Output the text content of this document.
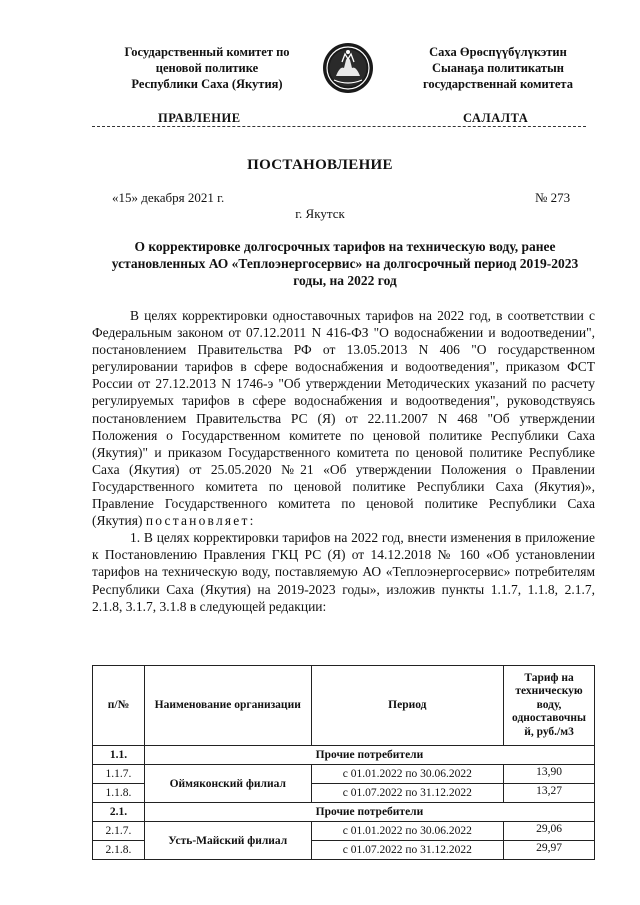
Государственный комитет по
ценовой политике
Республики Саха (Якутия)
Саха Өрөспүүбүлүкэтин
Сыанаҕа политикатын
государственнай комитета
ПРАВЛЕНИЕ	САЛАЛТА
ПОСТАНОВЛЕНИЕ
«15» декабря 2021 г.	№ 273
г. Якутск
О корректировке долгосрочных тарифов на техническую воду, ранее установленных АО «Теплоэнергосервис» на долгосрочный период 2019-2023 годы, на 2022 год

В целях корректировки одноставочных тарифов на 2022 год, в соответствии с Федеральным законом от 07.12.2011 N 416-ФЗ "О водоснабжении и водоотведении", постановлением Правительства РФ от 13.05.2013 N 406 "О государственном регулировании тарифов в сфере водоснабжения и водоотведения", приказом ФСТ России от 27.12.2013 N 1746-э "Об утверждении Методических указаний по расчету регулируемых тарифов в сфере водоснабжения и водоотведения", руководствуясь постановлением Правительства РС (Я) от 22.11.2007 N 468 "Об утверждении Положения о Государственном комитете по ценовой политике Республики Саха (Якутия)" и приказом Государственного комитета по ценовой политике Республике Саха (Якутия) от 25.05.2020 №21 «Об утверждении Положения о Правлении Государственного комитета по ценовой политике Республики Саха (Якутия)», Правление Государственного комитета по ценовой политике Республики Саха (Якутия) постановляет:

1. В целях корректировки тарифов на 2022 год, внести изменения в приложение к Постановлению Правления ГКЦ РС (Я) от 14.12.2018 № 160 «Об установлении тарифов на техническую воду, поставляемую АО «Теплоэнергосервис» потребителям Республики Саха (Якутия) на 2019-2023 годы», изложив пункты 1.1.7, 1.1.8, 2.1.7, 2.1.8, 3.1.7, 3.1.8 в следующей редакции:

п/№	Наименование организации	Период	Тариф на техническую воду, одноставочны й, руб./м3
1.1.	Прочие потребители		
1.1.7.	Оймяконский филиал	с 01.01.2022 по 30.06.2022	13,90
1.1.8.		с 01.07.2022 по 31.12.2022	13,27
2.1.	Прочие потребители		
2.1.7.	Усть-Майский филиал	с 01.01.2022 по 30.06.2022	29,06
2.1.8.		с 01.07.2022 по 31.12.2022	29,97
